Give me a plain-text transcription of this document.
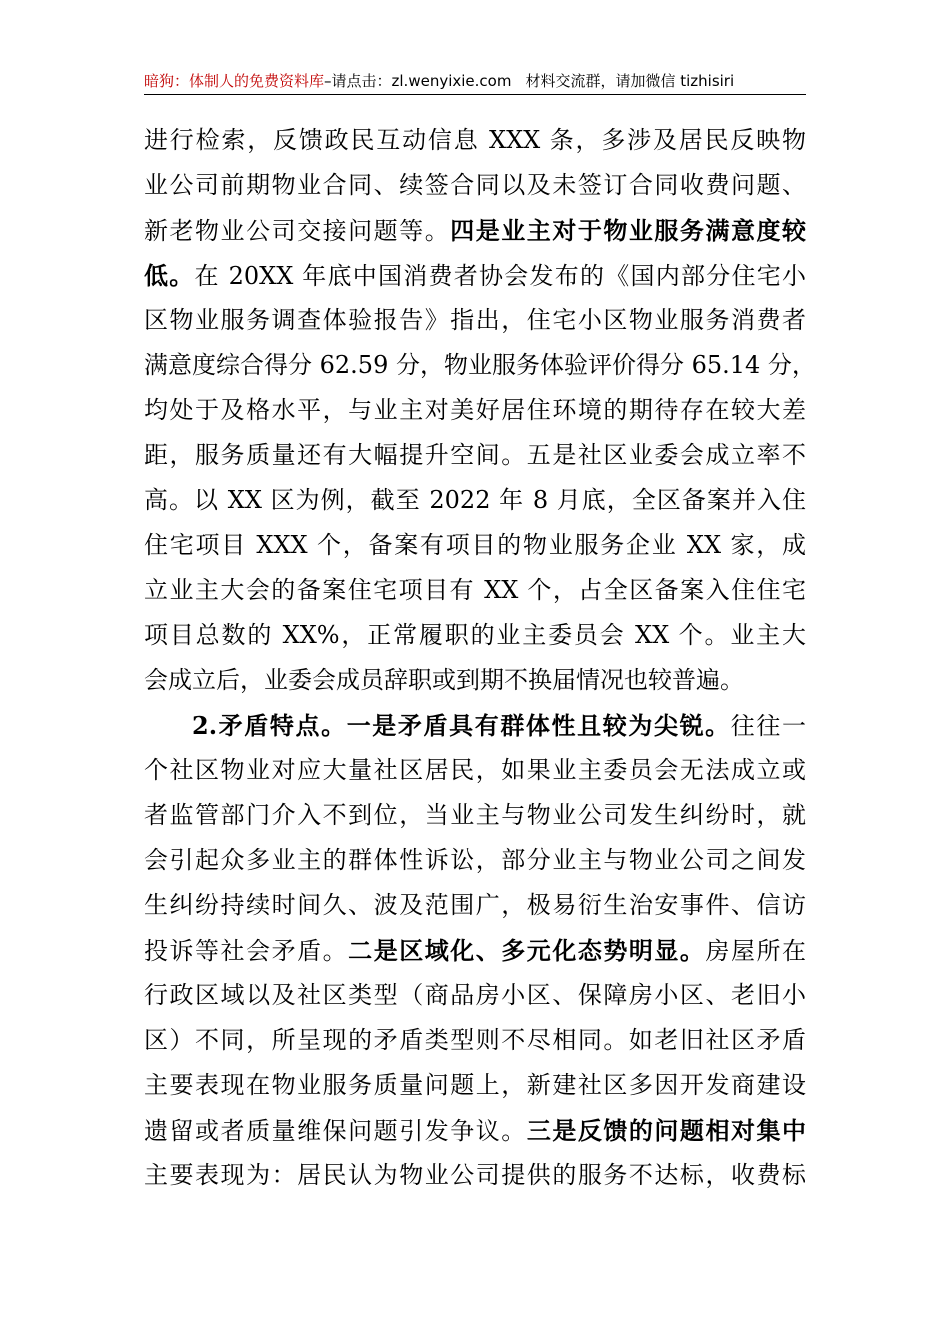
暗狗：体制人的免费资料库–请点击：zl.wenyixie.com 材料交流群，请加微信 tizhisiri
进行检索，反馈政民互动信息 XXX 条，多涉及居民反映物
业公司前期物业合同、续签合同以及未签订合同收费问题、
新老物业公司交接问题等。四是业主对于物业服务满意度较
低。在 20XX 年底中国消费者协会发布的《国内部分住宅小
区物业服务调查体验报告》指出，住宅小区物业服务消费者
满意度综合得分 62.59 分，物业服务体验评价得分 65.14 分，
均处于及格水平，与业主对美好居住环境的期待存在较大差
距，服务质量还有大幅提升空间。五是社区业委会成立率不
高。以 XX 区为例，截至 2022 年 8 月底，全区备案并入住
住宅项目 XXX 个，备案有项目的物业服务企业 XX 家，成
立业主大会的备案住宅项目有 XX 个，占全区备案入住住宅
项目总数的 XX%，正常履职的业主委员会 XX 个。业主大
会成立后，业委会成员辞职或到期不换届情况也较普遍。
2.矛盾特点。一是矛盾具有群体性且较为尖锐。往往一
个社区物业对应大量社区居民，如果业主委员会无法成立或
者监管部门介入不到位，当业主与物业公司发生纠纷时，就
会引起众多业主的群体性诉讼，部分业主与物业公司之间发
生纠纷持续时间久、波及范围广，极易衍生治安事件、信访
投诉等社会矛盾。二是区域化、多元化态势明显。房屋所在
行政区域以及社区类型（商品房小区、保障房小区、老旧小
区）不同，所呈现的矛盾类型则不尽相同。如老旧社区矛盾
主要表现在物业服务质量问题上，新建社区多因开发商建设
遗留或者质量维保问题引发争议。三是反馈的问题相对集中
主要表现为：居民认为物业公司提供的服务不达标，收费标
